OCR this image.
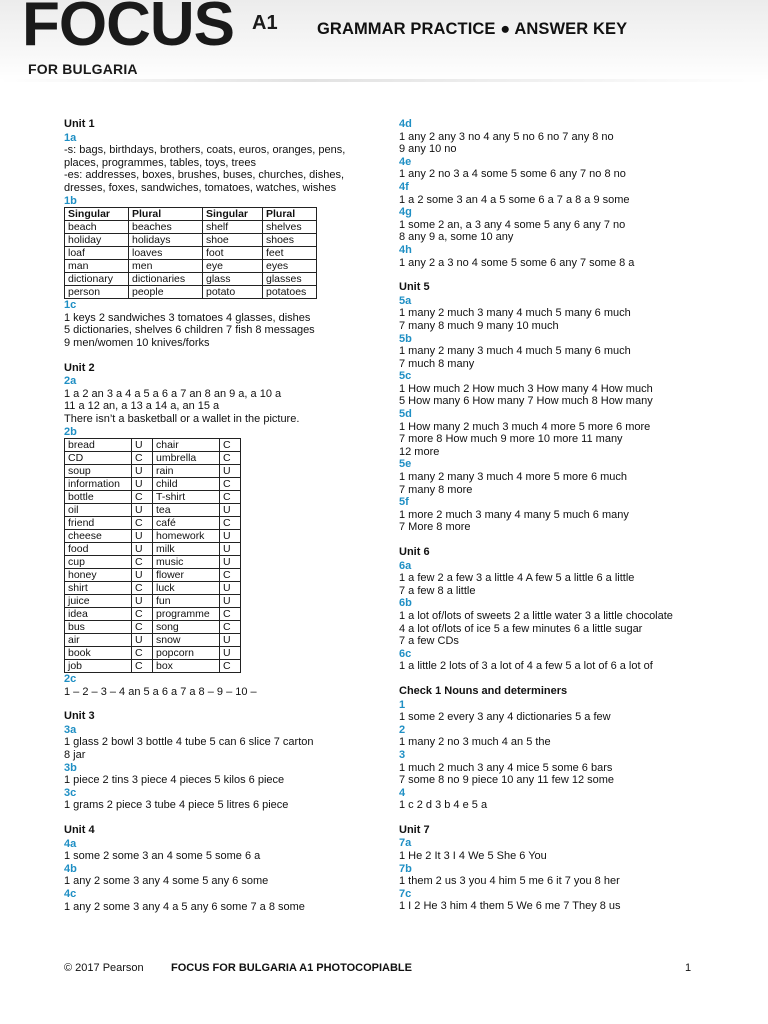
FOCUS A1
FOR BULGARIA
GRAMMAR PRACTICE ● ANSWER KEY
Unit 1
1a
-s: bags, birthdays, brothers, coats, euros, oranges, pens,
places, programmes, tables, toys, trees
-es: addresses, boxes, brushes, buses, churches, dishes,
dresses, foxes, sandwiches, tomatoes, watches, wishes
1b
Singular	Plural	Singular	Plural
beach	beaches	shelf	shelves
holiday	holidays	shoe	shoes
loaf	loaves	foot	feet
man	men	eye	eyes
dictionary	dictionaries	glass	glasses
person	people	potato	potatoes
1c
1 keys 2 sandwiches 3 tomatoes 4 glasses, dishes
5 dictionaries, shelves 6 children 7 fish 8 messages
9 men/women 10 knives/forks
Unit 2
2a
1 a 2 an 3 a 4 a 5 a 6 a 7 an 8 an 9 a, a 10 a
11 a 12 an, a 13 a 14 a, an 15 a
There isn’t a basketball or a wallet in the picture.
2b
bread	U	chair	C
CD	C	umbrella	C
soup	U	rain	U
information	U	child	C
bottle	C	T-shirt	C
oil	U	tea	U
friend	C	café	C
cheese	U	homework	U
food	U	milk	U
cup	C	music	U
honey	U	flower	C
shirt	C	luck	U
juice	U	fun	U
idea	C	programme	C
bus	C	song	C
air	U	snow	U
book	C	popcorn	U
job	C	box	C
2c
1 – 2 – 3 – 4 an 5 a 6 a 7 a 8 – 9 – 10 –
Unit 3
3a
1 glass 2 bowl 3 bottle 4 tube 5 can 6 slice 7 carton
8 jar
3b
1 piece 2 tins 3 piece 4 pieces 5 kilos 6 piece
3c
1 grams 2 piece 3 tube 4 piece 5 litres 6 piece
Unit 4
4a
1 some 2 some 3 an 4 some 5 some 6 a
4b
1 any 2 some 3 any 4 some 5 any 6 some
4c
1 any 2 some 3 any 4 a 5 any 6 some 7 a 8 some
4d
1 any 2 any 3 no 4 any 5 no 6 no 7 any 8 no
9 any 10 no
4e
1 any 2 no 3 a 4 some 5 some 6 any 7 no 8 no
4f
1 a 2 some 3 an 4 a 5 some 6 a 7 a 8 a 9 some
4g
1 some 2 an, a 3 any 4 some 5 any 6 any 7 no
8 any 9 a, some 10 any
4h
1 any 2 a 3 no 4 some 5 some 6 any 7 some 8 a
Unit 5
5a
1 many 2 much 3 many 4 much 5 many 6 much
7 many 8 much 9 many 10 much
5b
1 many 2 many 3 much 4 much 5 many 6 much
7 much 8 many
5c
1 How much 2 How much 3 How many 4 How much
5 How many 6 How many 7 How much 8 How many
5d
1 How many 2 much 3 much 4 more 5 more 6 more
7 more 8 How much 9 more 10 more 11 many
12 more
5e
1 many 2 many 3 much 4 more 5 more 6 much
7 many 8 more
5f
1 more 2 much 3 many 4 many 5 much 6 many
7 More 8 more
Unit 6
6a
1 a few 2 a few 3 a little 4 A few 5 a little 6 a little
7 a few 8 a little
6b
1 a lot of/lots of sweets 2 a little water 3 a little chocolate
4 a lot of/lots of ice 5 a few minutes 6 a little sugar
7 a few CDs
6c
1 a little 2 lots of 3 a lot of 4 a few 5 a lot of 6 a lot of
Check 1 Nouns and determiners
1
1 some 2 every 3 any 4 dictionaries 5 a few
2
1 many 2 no 3 much 4 an 5 the
3
1 much 2 much 3 any 4 mice 5 some 6 bars
7 some 8 no 9 piece 10 any 11 few 12 some
4
1 c 2 d 3 b 4 e 5 a
Unit 7
7a
1 He 2 It 3 I 4 We 5 She 6 You
7b
1 them 2 us 3 you 4 him 5 me 6 it 7 you 8 her
7c
1 I 2 He 3 him 4 them 5 We 6 me 7 They 8 us
© 2017 Pearson FOCUS FOR BULGARIA A1 PHOTOCOPIABLE	1
